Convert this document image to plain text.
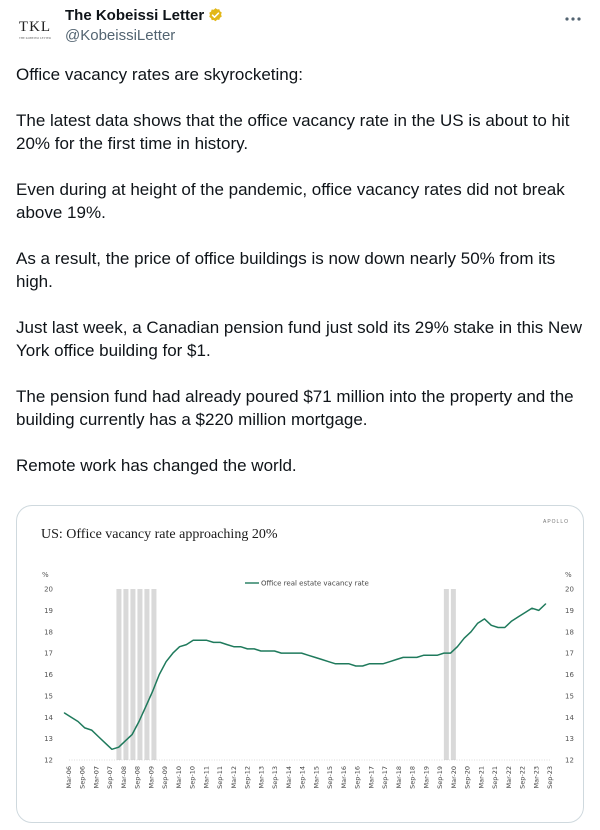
TKL
THE KOBEISSI LETTER
The Kobeissi Letter
@KobeissiLetter

Office vacancy rates are skyrocketing:

The latest data shows that the office vacancy rate in the US is about to hit 20% for the first time in history.

Even during at height of the pandemic, office vacancy rates did not break above 19%.

As a result, the price of office buildings is now down nearly 50% from its high.

Just last week, a Canadian pension fund just sold its 29% stake in this New York office building for $1.

The pension fund had already poured $71 million into the property and the building currently has a $220 million mortgage.

Remote work has changed the world.

APOLLO
US: Office vacancy rate approaching 20%
12	12
13	13
14	14
15	15
16	16
17	17
18	18
19	19
20	20
%	%
Mar-06 Sep-06 Mar-07 Sep-07 Mar-08 Sep-08 Mar-09 Sep-09 Mar-10 Sep-10 Mar-11 Sep-11 Mar-12 Sep-12 Mar-13 Sep-13 Mar-14 Sep-14 Mar-15 Sep-15 Mar-16 Sep-16 Mar-17 Sep-17 Mar-18 Sep-18 Mar-19 Sep-19 Mar-20 Sep-20 Mar-21 Sep-21 Mar-22 Sep-22 Mar-23 Sep-23
Office real estate vacancy rate
